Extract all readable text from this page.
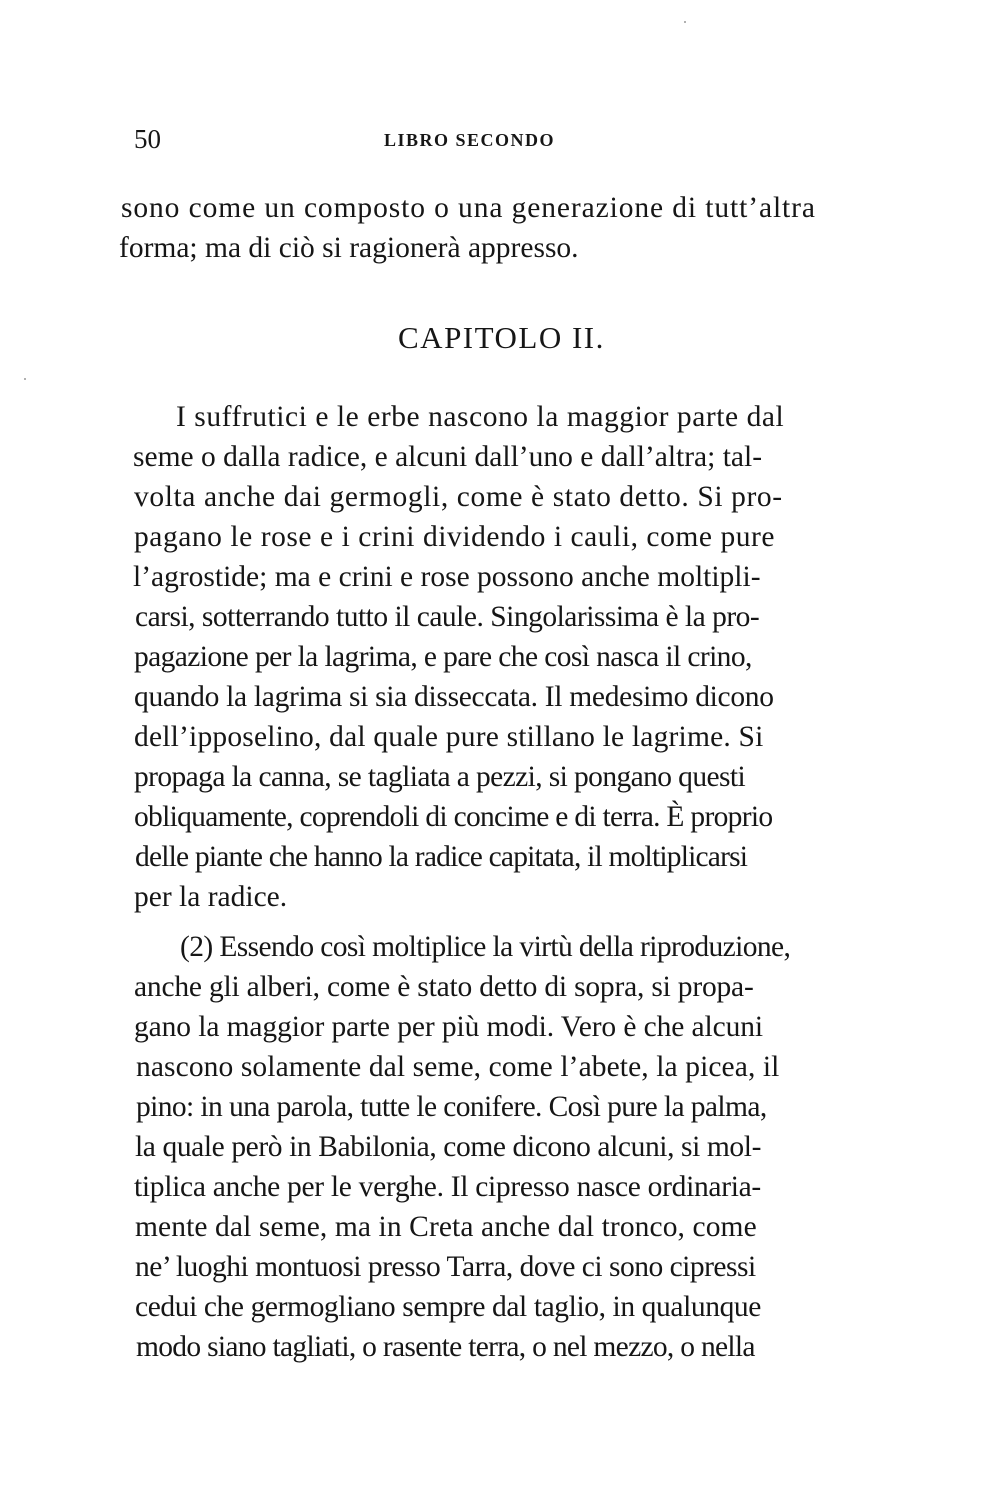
50	LIBRO SECONDO
sono come un composto o una generazione di tutt’altra
forma; ma di ciò si ragionerà appresso.
CAPITOLO II.
I suffrutici e le erbe nascono la maggior parte dal
seme o dalla radice, e alcuni dall’uno e dall’altra; tal-
volta anche dai germogli, come è stato detto. Si pro-
pagano le rose e i crini dividendo i cauli, come pure
l’agrostide; ma e crini e rose possono anche moltipli-
carsi, sotterrando tutto il caule. Singolarissima è la pro-
pagazione per la lagrima, e pare che così nasca il crino,
quando la lagrima si sia disseccata. Il medesimo dicono
dell’ipposelino, dal quale pure stillano le lagrime. Si
propaga la canna, se tagliata a pezzi, si pongano questi
obliquamente, coprendoli di concime e di terra. È proprio
delle piante che hanno la radice capitata, il moltiplicarsi
per la radice.
(2) Essendo così moltiplice la virtù della riproduzione,
anche gli alberi, come è stato detto di sopra, si propa-
gano la maggior parte per più modi. Vero è che alcuni
nascono solamente dal seme, come l’abete, la picea, il
pino: in una parola, tutte le conifere. Così pure la palma,
la quale però in Babilonia, come dicono alcuni, si mol-
tiplica anche per le verghe. Il cipresso nasce ordinaria-
mente dal seme, ma in Creta anche dal tronco, come
ne’ luoghi montuosi presso Tarra, dove ci sono cipressi
cedui che germogliano sempre dal taglio, in qualunque
modo siano tagliati, o rasente terra, o nel mezzo, o nella
